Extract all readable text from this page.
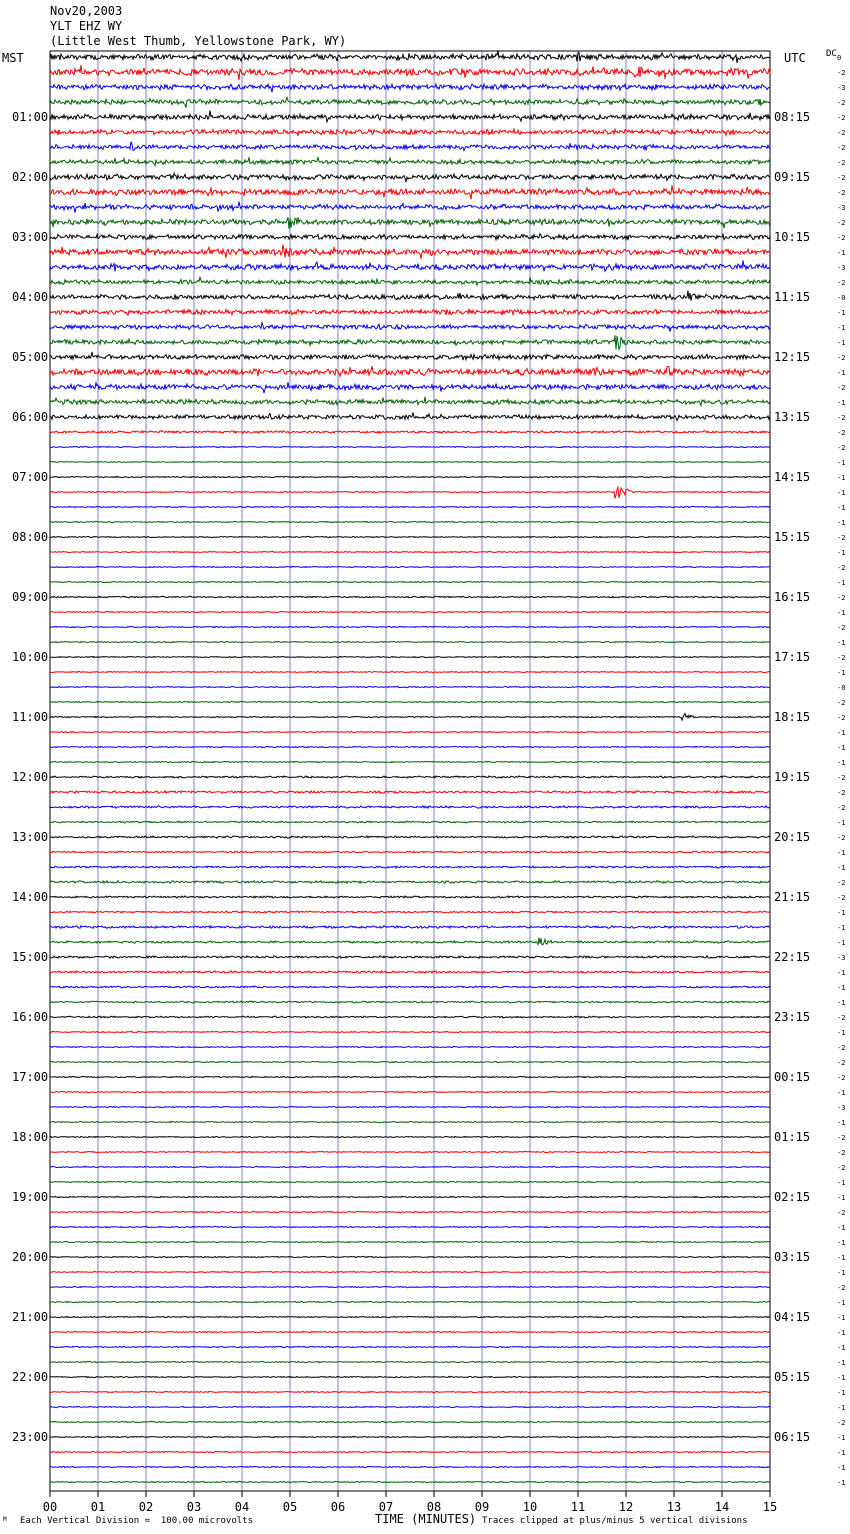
00	01	02	03	04	05	06	07	08	09	10	11	12	13	14	15
01:00
02:00
03:00
04:00
05:00
06:00
07:00
08:00
09:00
10:00
11:00
12:00
13:00
14:00
15:00
16:00
17:00
18:00
19:00
20:00
21:00
22:00
23:00
08:15
09:15
10:15
11:15
12:15
13:15
14:15
15:15
16:15
17:15
18:15
19:15
20:15
21:15
22:15
23:15
00:15
01:15
02:15
03:15
04:15
05:15
06:15
0
-2
-3
-2
-2
-2
-2
-2
-2
-2
-3
-2
-2
-1
-3
-2
-0
-1
-1
-1
-2
-1
-2
-1
-2
-2
-2
-1
-1
-1
-1
-1
-2
-1
-2
-1
-2
-1
-2
-1
-2
-1
-0
-2
-2
-1
-1
-1
-2
-2
-2
-1
-2
-1
-1
-2
-2
-1
-1
-1
-3
-1
-1
-1
-2
-1
-2
-2
-2
-1
-3
-1
-2
-2
-2
-1
-1
-2
-1
-1
-1
-1
-2
-1
-1
-1
-1
-1
-1
-1
-1
-2
-1
-1
-1
-1
Nov20,2003
YLT EHZ WY
(Little West Thumb, Yellowstone Park, WY)
MST	UTC DC
TIME (MINUTES)
M Each Vertical Division =  100.00 microvolts	Traces clipped at plus/minus 5 vertical divisions
